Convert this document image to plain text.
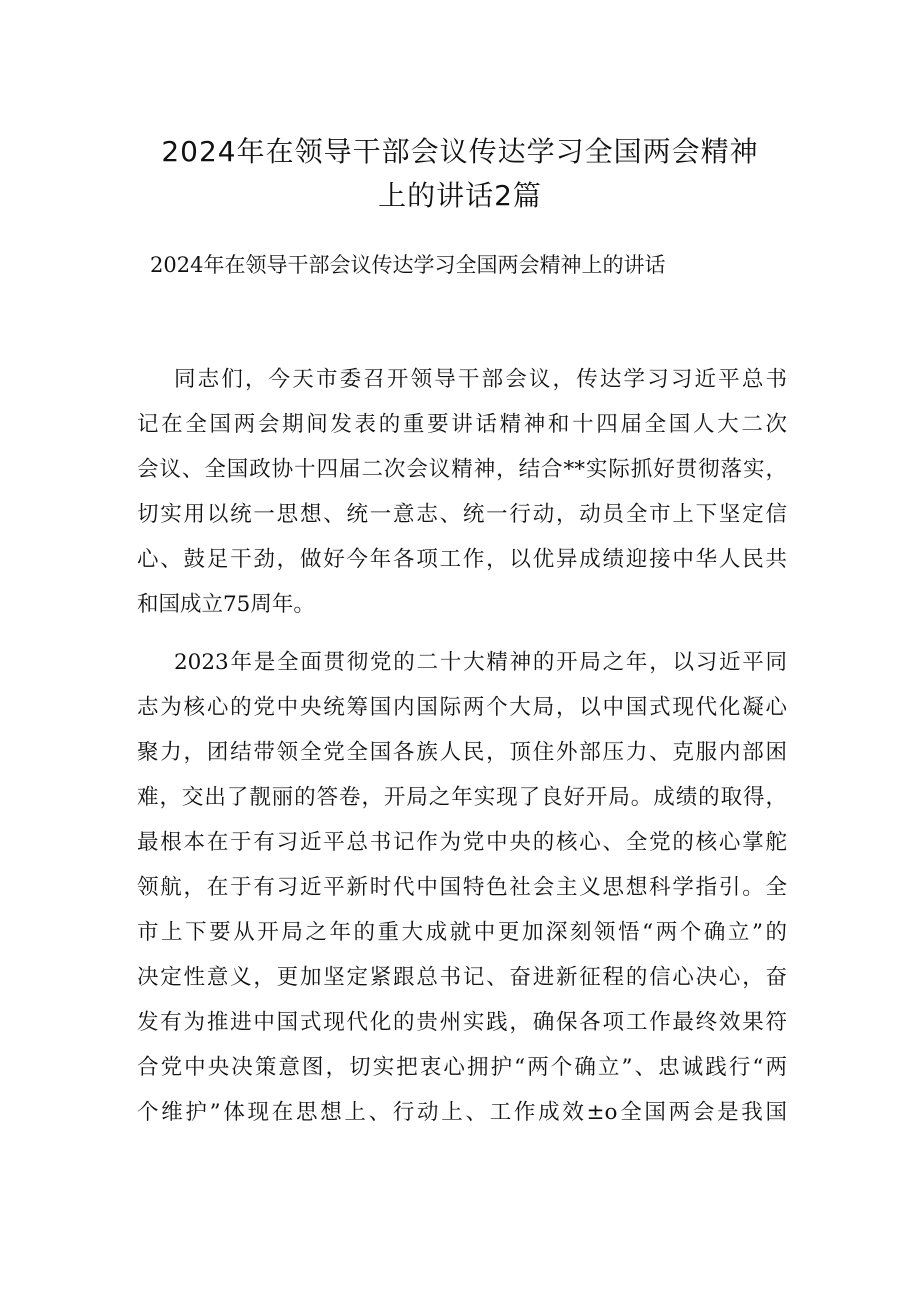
2024年在领导干部会议传达学习全国两会精神
上的讲话2篇
2024年在领导干部会议传达学习全国两会精神上的讲话
同志们，今天市委召开领导干部会议，传达学习习近平总书
记在全国两会期间发表的重要讲话精神和十四届全国人大二次
会议、全国政协十四届二次会议精神，结合**实际抓好贯彻落实，
切实用以统一思想、统一意志、统一行动，动员全市上下坚定信
心、鼓足干劲，做好今年各项工作，以优异成绩迎接中华人民共
和国成立75周年。
2023年是全面贯彻党的二十大精神的开局之年，以习近平同
志为核心的党中央统筹国内国际两个大局，以中国式现代化凝心
聚力，团结带领全党全国各族人民，顶住外部压力、克服内部困
难，交出了靓丽的答卷，开局之年实现了良好开局。成绩的取得，
最根本在于有习近平总书记作为党中央的核心、全党的核心掌舵
领航，在于有习近平新时代中国特色社会主义思想科学指引。全
市上下要从开局之年的重大成就中更加深刻领悟“两个确立”的
决定性意义，更加坚定紧跟总书记、奋进新征程的信心决心，奋
发有为推进中国式现代化的贵州实践，确保各项工作最终效果符
合党中央决策意图，切实把衷心拥护“两个确立”、忠诚践行“两
个维护”体现在思想上、行动上、工作成效±o全国两会是我国
